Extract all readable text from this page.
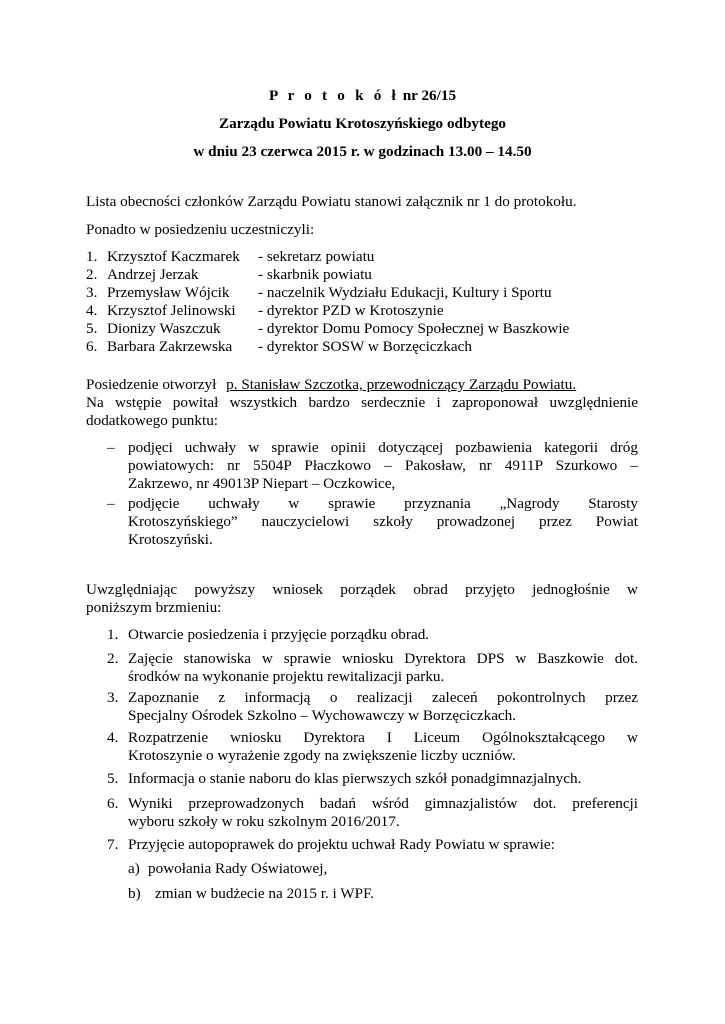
P r o t o k ó ł nr 26/15
Zarządu Powiatu Krotoszyńskiego odbytego
w dniu 23 czerwca 2015 r. w godzinach 13.00 – 14.50
Lista obecności członków Zarządu Powiatu stanowi załącznik nr 1 do protokołu.
Ponadto w posiedzeniu uczestniczyli:
1. Krzysztof Kaczmarek - sekretarz powiatu
2. Andrzej Jerzak	- skarbnik powiatu
3. Przemysław Wójcik - naczelnik Wydziału Edukacji, Kultury i Sportu
4. Krzysztof Jelinowski - dyrektor PZD w Krotoszynie
5. Dionizy Waszczuk - dyrektor Domu Pomocy Społecznej w Baszkowie
6. Barbara Zakrzewska - dyrektor SOSW w Borzęciczkach
Posiedzenie otworzył p. Stanisław Szczotka, przewodniczący Zarządu Powiatu.
Na wstępie powitał wszystkich bardzo serdecznie i zaproponował uwzględnienie
dodatkowego punktu:
– podjęci uchwały w sprawie opinii dotyczącej pozbawienia kategorii dróg
powiatowych: nr 5504P Płaczkowo – Pakosław, nr 4911P Szurkowo –
Zakrzewo, nr 49013P Niepart – Oczkowice,
– podjęcie uchwały w sprawie przyznania „Nagrody Starosty
Krotoszyńskiego” nauczycielowi szkoły prowadzonej przez Powiat
Krotoszyński.
Uwzględniając powyższy wniosek porządek obrad przyjęto jednogłośnie w
poniższym brzmieniu:
1. Otwarcie posiedzenia i przyjęcie porządku obrad.
2. Zajęcie stanowiska w sprawie wniosku Dyrektora DPS w Baszkowie dot.
środków na wykonanie projektu rewitalizacji parku.
3. Zapoznanie z informacją o realizacji zaleceń pokontrolnych przez
Specjalny Ośrodek Szkolno – Wychowawczy w Borzęciczkach.
4. Rozpatrzenie wniosku Dyrektora I Liceum Ogólnokształcącego w
Krotoszynie o wyrażenie zgody na zwiększenie liczby uczniów.
5. Informacja o stanie naboru do klas pierwszych szkół ponadgimnazjalnych.
6. Wyniki przeprowadzonych badań wśród gimnazjalistów dot. preferencji
wyboru szkoły w roku szkolnym 2016/2017.
7. Przyjęcie autopoprawek do projektu uchwał Rady Powiatu w sprawie:
a) powołania Rady Oświatowej,
b) zmian w budżecie na 2015 r. i WPF.
